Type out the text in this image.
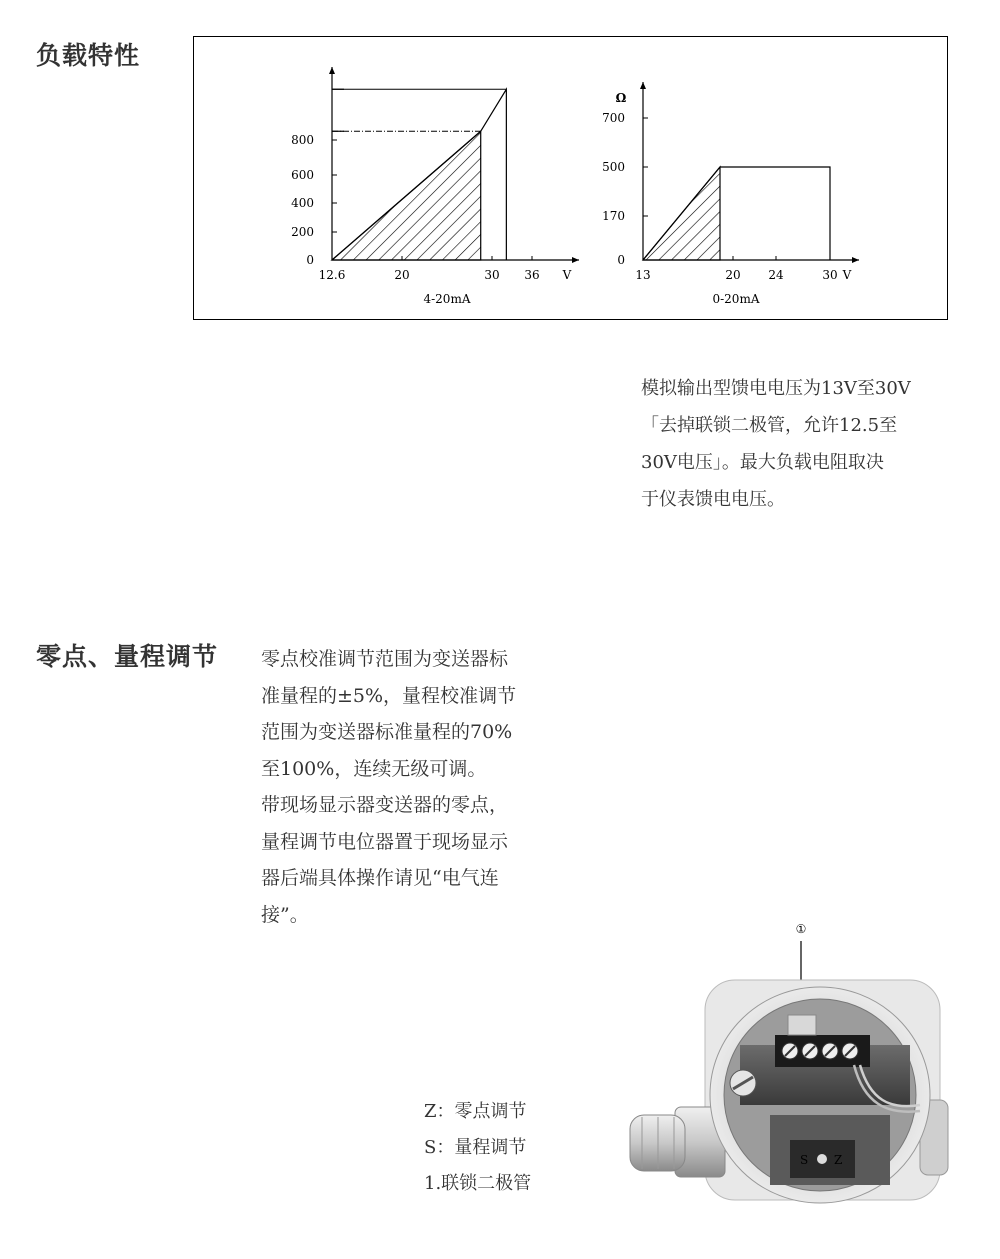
负载特性
12.6	20	30 36 V
0
200
400
600
800
4-20mA
13	20 24	30 V
0
170
500
700
Ω
0-20mA
模拟输出型馈电电压为13V至30V
「去掉联锁二极管，允许12.5至
30V电压」。最大负载电阻取决
于仪表馈电电压。
零点、量程调节 零点校准调节范围为变送器标
准量程的±5%，量程校准调节
范围为变送器标准量程的70%
至100%，连续无级可调。
带现场显示器变送器的零点，
量程调节电位器置于现场显示
器后端具体操作请见“电气连
接”。
Z：零点调节
S：量程调节
1.联锁二极管
①
S Z
